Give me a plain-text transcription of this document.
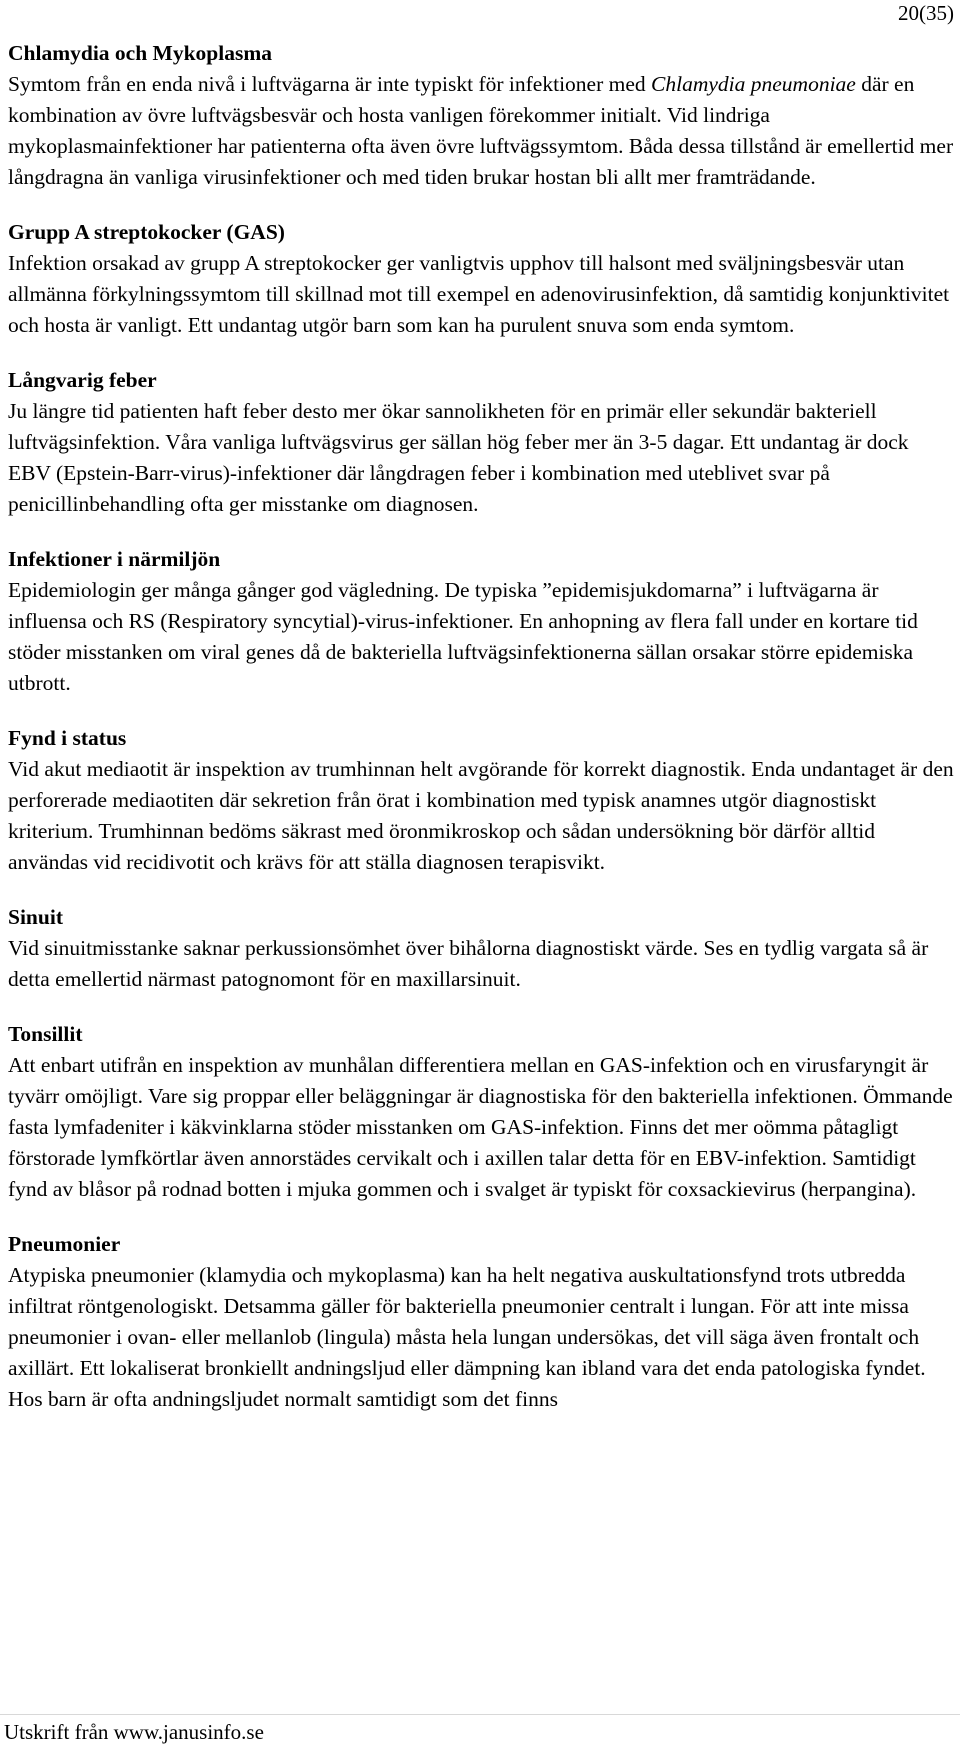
20(35)
Chlamydia och Mykoplasma

Symtom från en enda nivå i luftvägarna är inte typiskt för infektioner med Chlamydia pneumoniae där en kombination av övre luftvägsbesvär och hosta vanligen förekommer initialt. Vid lindriga mykoplasmainfektioner har patienterna ofta även övre luftvägssymtom. Båda dessa tillstånd är emellertid mer långdragna än vanliga virusinfektioner och med tiden brukar hostan bli allt mer framträdande.

Grupp A streptokocker (GAS)

Infektion orsakad av grupp A streptokocker ger vanligtvis upphov till halsont med sväljningsbesvär utan allmänna förkylningssymtom till skillnad mot till exempel en adenovirusinfektion, då samtidig konjunktivitet och hosta är vanligt. Ett undantag utgör barn som kan ha purulent snuva som enda symtom.

Långvarig feber

Ju längre tid patienten haft feber desto mer ökar sannolikheten för en primär eller sekundär bakteriell luftvägsinfektion. Våra vanliga luftvägsvirus ger sällan hög feber mer än 3-5 dagar. Ett undantag är dock EBV (Epstein-Barr-virus)-infektioner där långdragen feber i kombination med uteblivet svar på penicillinbehandling ofta ger misstanke om diagnosen.

Infektioner i närmiljön

Epidemiologin ger många gånger god vägledning. De typiska ”epidemisjukdomarna” i luftvägarna är influensa och RS (Respiratory syncytial)-virus-infektioner. En anhopning av flera fall under en kortare tid stöder misstanken om viral genes då de bakteriella luftvägsinfektionerna sällan orsakar större epidemiska utbrott.

Fynd i status

Vid akut mediaotit är inspektion av trumhinnan helt avgörande för korrekt diagnostik. Enda undantaget är den perforerade mediaotiten där sekretion från örat i kombination med typisk anamnes utgör diagnostiskt kriterium. Trumhinnan bedöms säkrast med öronmikroskop och sådan undersökning bör därför alltid användas vid recidivotit och krävs för att ställa diagnosen terapisvikt.

Sinuit

Vid sinuitmisstanke saknar perkussionsömhet över bihålorna diagnostiskt värde. Ses en tydlig vargata så är detta emellertid närmast patognomont för en maxillarsinuit.

Tonsillit

Att enbart utifrån en inspektion av munhålan differentiera mellan en GAS-infektion och en virusfaryngit är tyvärr omöjligt. Vare sig proppar eller beläggningar är diagnostiska för den bakteriella infektionen. Ömmande fasta lymfadeniter i käkvinklarna stöder misstanken om GAS-infektion. Finns det mer oömma påtagligt förstorade lymfkörtlar även annorstädes cervikalt och i axillen talar detta för en EBV-infektion. Samtidigt fynd av blåsor på rodnad botten i mjuka gommen och i svalget är typiskt för coxsackievirus (herpangina).

Pneumonier

Atypiska pneumonier (klamydia och mykoplasma) kan ha helt negativa auskultationsfynd trots utbredda infiltrat röntgenologiskt. Detsamma gäller för bakteriella pneumonier centralt i lungan. För att inte missa pneumonier i ovan- eller mellanlob (lingula) måsta hela lungan undersökas, det vill säga även frontalt och axillärt. Ett lokaliserat bronkiellt andningsljud eller dämpning kan ibland vara det enda patologiska fyndet. Hos barn är ofta andningsljudet normalt samtidigt som det finns

Utskrift från www.janusinfo.se
